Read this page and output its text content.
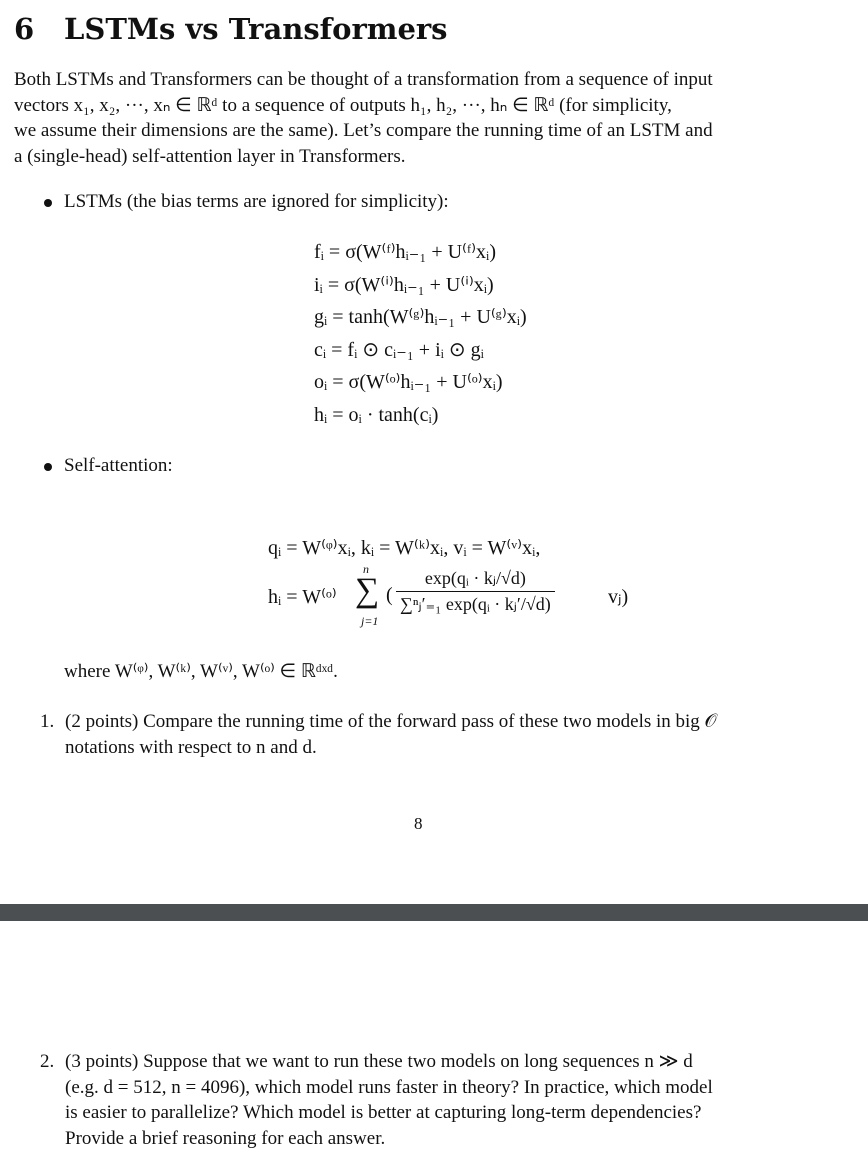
6 LSTMs vs Transformers
Both LSTMs and Transformers can be thought of a transformation from a sequence of input
vectors x₁, x₂, ···, xₙ ∈ ℝᵈ to a sequence of outputs h₁, h₂, ···, hₙ ∈ ℝᵈ (for simplicity,
we assume their dimensions are the same). Let’s compare the running time of an LSTM and
a (single-head) self-attention layer in Transformers.
LSTMs (the bias terms are ignored for simplicity):
fᵢ = σ(W⁽ᶠ⁾hᵢ₋₁ + U⁽ᶠ⁾xᵢ)
iᵢ = σ(W⁽ⁱ⁾hᵢ₋₁ + U⁽ⁱ⁾xᵢ)
gᵢ = tanh(W⁽ᵍ⁾hᵢ₋₁ + U⁽ᵍ⁾xᵢ)
cᵢ = fᵢ ⊙ cᵢ₋₁ + iᵢ ⊙ gᵢ
oᵢ = σ(W⁽ᵒ⁾hᵢ₋₁ + U⁽ᵒ⁾xᵢ)
hᵢ = oᵢ · tanh(cᵢ)
Self-attention:
qᵢ = W⁽ᵠ⁾xᵢ, kᵢ = W⁽ᵏ⁾xᵢ, vᵢ = W⁽ᵛ⁾xᵢ,
hᵢ = W⁽ᵒ⁾
n
∑
j=1
( $\frac{\text{exp(qᵢ · kⱼ/√d)}}{\text{∑ⁿⱼ′₌₁ exp(qᵢ · kⱼ′/√d)}}$	vⱼ)
where W⁽ᵠ⁾, W⁽ᵏ⁾, W⁽ᵛ⁾, W⁽ᵒ⁾ ∈ ℝᵈˣᵈ.
1. (2 points) Compare the running time of the forward pass of these two models in big 𝒪
notations with respect to n and d.
8
2. (3 points) Suppose that we want to run these two models on long sequences n ≫ d
(e.g. d = 512, n = 4096), which model runs faster in theory? In practice, which model
is easier to parallelize? Which model is better at capturing long-term dependencies?
Provide a brief reasoning for each answer.
